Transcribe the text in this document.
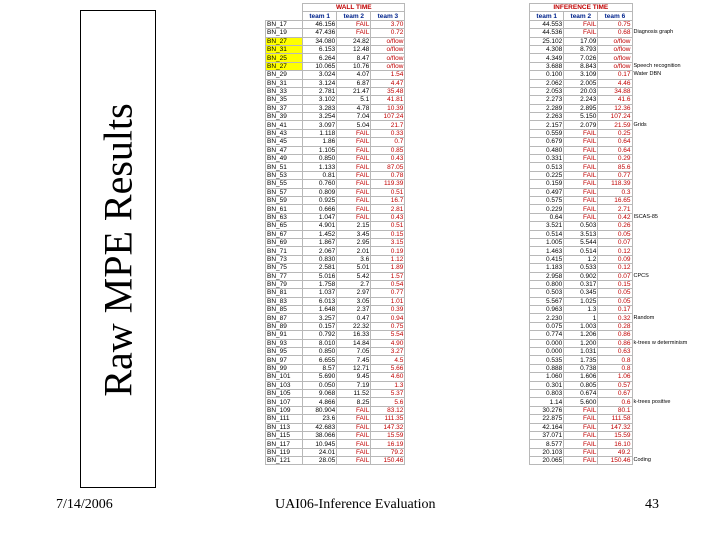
Raw MPE Results
	WALL TIME				INFERENCE TIME			
	team 1	team 2	team 3		team 1	team 2	team 6	
BN_17	46.156	FAIL	3.70		44.553	FAIL	0.75	
BN_19	47.436	FAIL	0.72		44.536	FAIL	0.68	Diagnosis graph
BN_27	34.080	24.82	o/flow		25.102	17.09	o/flow	
BN_31	6.153	12.48	o/flow		4.308	8.793	o/flow	
BN_25	6.264	8.47	o/flow		4.349	7.026	o/flow	
BN_27	10.065	10.76	o/flow		3.688	8.843	o/flow	Speech recognition
BN_29	3.024	4.07	1.54		0.100	3.109	0.17	Water DBN
BN_31	3.124	6.87	4.47		2.062	2.005	4.46	
BN_33	2.781	21.47	35.48		2.053	20.03	34.88	
BN_35	3.102	5.1	41.81		2.273	2.243	41.6	
BN_37	3.283	4.78	10.39		2.289	2.895	12.36	
BN_39	3.254	7.04	107.24		2.263	5.150	107.24	
BN_41	3.097	5.04	21.7		2.157	2.079	21.59	Grids
BN_43	1.118	FAIL	0.33		0.559	FAIL	0.25	
BN_45	1.86	FAIL	0.7		0.679	FAIL	0.64	
BN_47	1.105	FAIL	0.85		0.480	FAIL	0.64	
BN_49	0.850	FAIL	0.43		0.331	FAIL	0.29	
BN_51	1.133	FAIL	87.05		0.513	FAIL	85.6	
BN_53	0.81	FAIL	0.78		0.225	FAIL	0.77	
BN_55	0.760	FAIL	119.39		0.159	FAIL	118.39	
BN_57	0.809	FAIL	0.51		0.497	FAIL	0.3	
BN_59	0.925	FAIL	16.7		0.575	FAIL	16.65	
BN_61	0.666	FAIL	2.81		0.229	FAIL	2.71	
BN_63	1.047	FAIL	0.43		0.64	FAIL	0.42	ISCAS-85
BN_65	4.901	2.15	0.51		3.521	0.503	0.26	
BN_67	1.452	3.45	0.15		0.514	3.513	0.05	
BN_69	1.867	2.95	3.15		1.005	5.544	0.07	
BN_71	2.067	2.01	0.19		1.463	0.514	0.12	
BN_73	0.830	3.6	1.12		0.415	1.2	0.09	
BN_75	2.581	5.01	1.89		1.183	0.533	0.12	
BN_77	5.016	5.42	1.57		2.958	0.902	0.07	CPCS
BN_79	1.758	2.7	0.54		0.800	0.317	0.15	
BN_81	1.037	2.97	0.77		0.503	0.345	0.05	
BN_83	6.013	3.05	1.01		5.567	1.025	0.05	
BN_85	1.648	2.37	0.39		0.963	1.3	0.17	
BN_87	3.257	0.47	0.94		2.230	1	0.32	Random
BN_89	0.157	22.32	0.75		0.075	1.003	0.28	
BN_91	0.792	16.33	5.54		0.774	1.206	0.86	
BN_93	8.010	14.84	4.90		0.000	1.200	0.86	k-trees w determinism
BN_95	0.850	7.05	3.27		0.000	1.031	0.63	
BN_97	6.655	7.45	4.5		0.535	1.735	0.8	
BN_99	8.57	12.71	5.66		0.888	0.738	0.8	
BN_101	5.690	9.45	4.60		1.060	1.606	1.06	
BN_103	0.050	7.19	1.3		0.301	0.805	0.57	
BN_105	9.068	11.52	5.37		0.803	0.674	0.67	
BN_107	4.866	8.25	5.6		1.14	5.600	0.6	k-trees positive
BN_109	80.904	FAIL	83.12		30.276	FAIL	80.1	
BN_111	23.6	FAIL	111.35		22.875	FAIL	111.58	
BN_113	42.683	FAIL	147.32		42.164	FAIL	147.32	
BN_115	38.066	FAIL	15.59		37.071	FAIL	15.59	
BN_117	10.945	FAIL	16.19		8.577	FAIL	16.10	
BN_119	24.01	FAIL	79.2		20.103	FAIL	49.2	
BN_121	28.05	FAIL	150.46		20.065	FAIL	150.46	Coding
7/14/2006	UAI06-Inference Evaluation	43
